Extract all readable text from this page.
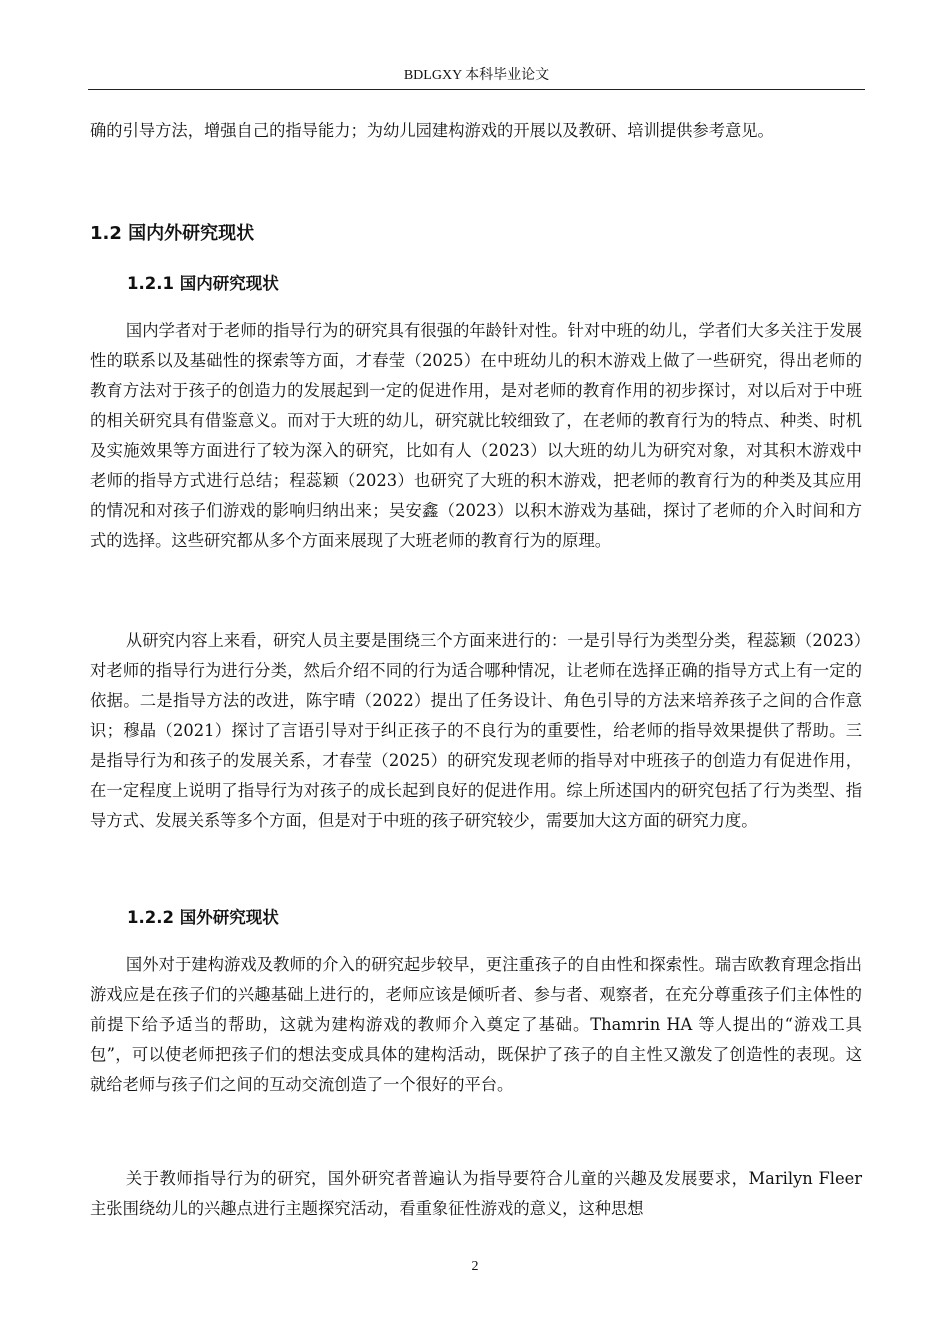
BDLGXY 本科毕业论文

确的引导方法，增强自己的指导能力；为幼儿园建构游戏的开展以及教研、培训提供参考意见。

1.2 国内外研究现状
1.2.1 国内研究现状

国内学者对于老师的指导行为的研究具有很强的年龄针对性。针对中班的幼儿，学者们大多关注于发展性的联系以及基础性的探索等方面，才春莹（2025）在中班幼儿的积木游戏上做了一些研究，得出老师的教育方法对于孩子的创造力的发展起到一定的促进作用，是对老师的教育作用的初步探讨，对以后对于中班的相关研究具有借鉴意义。而对于大班的幼儿，研究就比较细致了，在老师的教育行为的特点、种类、时机及实施效果等方面进行了较为深入的研究，比如有人（2023）以大班的幼儿为研究对象，对其积木游戏中老师的指导方式进行总结；程蕊颖（2023）也研究了大班的积木游戏，把老师的教育行为的种类及其应用的情况和对孩子们游戏的影响归纳出来；吴安鑫（2023）以积木游戏为基础，探讨了老师的介入时间和方式的选择。这些研究都从多个方面来展现了大班老师的教育行为的原理。

从研究内容上来看，研究人员主要是围绕三个方面来进行的：一是引导行为类型分类，程蕊颖（2023）对老师的指导行为进行分类，然后介绍不同的行为适合哪种情况，让老师在选择正确的指导方式上有一定的依据。二是指导方法的改进，陈宇晴（2022）提出了任务设计、角色引导的方法来培养孩子之间的合作意识；穆晶（2021）探讨了言语引导对于纠正孩子的不良行为的重要性，给老师的指导效果提供了帮助。三是指导行为和孩子的发展关系，才春莹（2025）的研究发现老师的指导对中班孩子的创造力有促进作用，在一定程度上说明了指导行为对孩子的成长起到良好的促进作用。综上所述国内的研究包括了行为类型、指导方式、发展关系等多个方面，但是对于中班的孩子研究较少，需要加大这方面的研究力度。

1.2.2 国外研究现状

国外对于建构游戏及教师的介入的研究起步较早，更注重孩子的自由性和探索性。瑞吉欧教育理念指出游戏应是在孩子们的兴趣基础上进行的，老师应该是倾听者、参与者、观察者，在充分尊重孩子们主体性的前提下给予适当的帮助，这就为建构游戏的教师介入奠定了基础。Thamrin HA 等人提出的“游戏工具包”，可以使老师把孩子们的想法变成具体的建构活动，既保护了孩子的自主性又激发了创造性的表现。这就给老师与孩子们之间的互动交流创造了一个很好的平台。

关于教师指导行为的研究，国外研究者普遍认为指导要符合儿童的兴趣及发展要求，Marilyn Fleer 主张围绕幼儿的兴趣点进行主题探究活动，看重象征性游戏的意义，这种思想

2
